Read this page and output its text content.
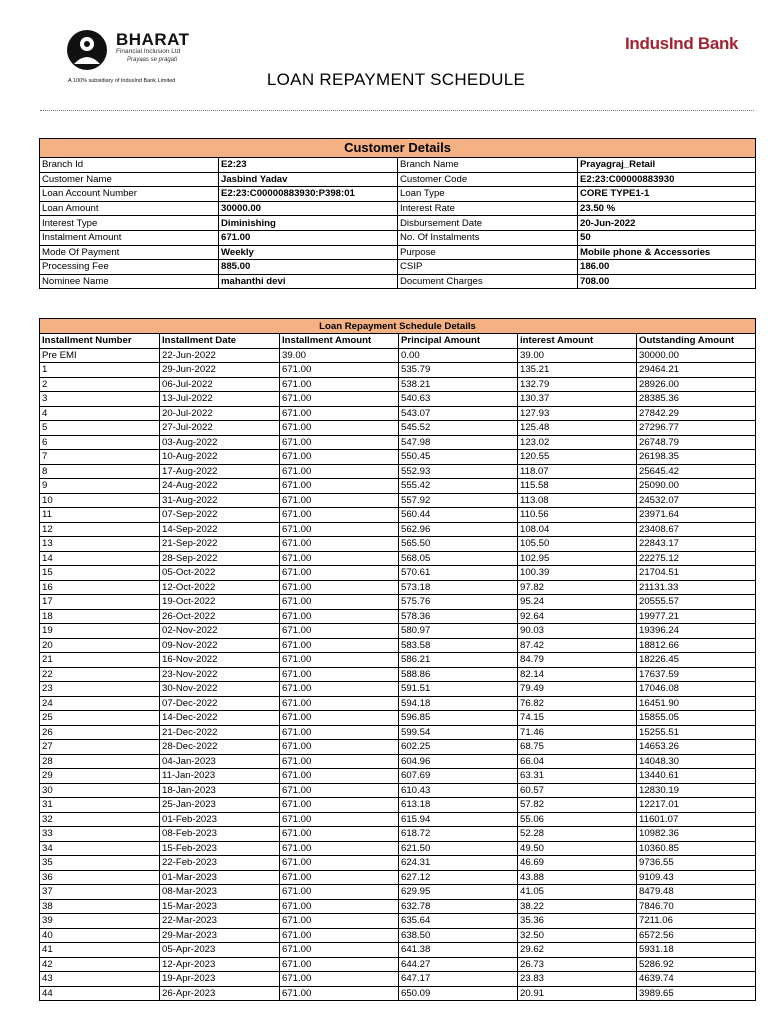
BHARAT
Financial Inclusion Ltd
Prayaas se pragati
A 100% subsidiary of IndusInd Bank Limited
IndusInd Bank
LOAN REPAYMENT SCHEDULE
Customer Details			
Branch Id	E2:23	Branch Name	Prayagraj_Retail
Customer Name	Jasbind Yadav	Customer Code	E2:23:C00000883930
Loan Account Number	E2:23:C00000883930:P398:01	Loan Type	CORE TYPE1-1
Loan Amount	30000.00	Interest Rate	23.50 %
Interest Type	Diminishing	Disbursement Date	20-Jun-2022
Instalment Amount	671.00	No. Of Instalments	50
Mode Of Payment	Weekly	Purpose	Mobile phone & Accessories
Processing Fee	885.00	CSIP	186.00
Nominee Name	mahanthi devi	Document Charges	708.00
Loan Repayment Schedule Details					
Installment Number	Installment Date	Installment Amount	Principal Amount	interest Amount	Outstanding Amount
Pre EMI	22-Jun-2022	39.00	0.00	39.00	30000.00
1	29-Jun-2022	671.00	535.79	135.21	29464.21
2	06-Jul-2022	671.00	538.21	132.79	28926.00
3	13-Jul-2022	671.00	540.63	130.37	28385.36
4	20-Jul-2022	671.00	543.07	127.93	27842.29
5	27-Jul-2022	671.00	545.52	125.48	27296.77
6	03-Aug-2022	671.00	547.98	123.02	26748.79
7	10-Aug-2022	671.00	550.45	120.55	26198.35
8	17-Aug-2022	671.00	552.93	118.07	25645.42
9	24-Aug-2022	671.00	555.42	115.58	25090.00
10	31-Aug-2022	671.00	557.92	113.08	24532.07
11	07-Sep-2022	671.00	560.44	110.56	23971.64
12	14-Sep-2022	671.00	562.96	108.04	23408.67
13	21-Sep-2022	671.00	565.50	105.50	22843.17
14	28-Sep-2022	671.00	568.05	102.95	22275.12
15	05-Oct-2022	671.00	570.61	100.39	21704.51
16	12-Oct-2022	671.00	573.18	97.82	21131.33
17	19-Oct-2022	671.00	575.76	95.24	20555.57
18	26-Oct-2022	671.00	578.36	92.64	19977.21
19	02-Nov-2022	671.00	580.97	90.03	19396.24
20	09-Nov-2022	671.00	583.58	87.42	18812.66
21	16-Nov-2022	671.00	586.21	84.79	18226.45
22	23-Nov-2022	671.00	588.86	82.14	17637.59
23	30-Nov-2022	671.00	591.51	79.49	17046.08
24	07-Dec-2022	671.00	594.18	76.82	16451.90
25	14-Dec-2022	671.00	596.85	74.15	15855.05
26	21-Dec-2022	671.00	599.54	71.46	15255.51
27	28-Dec-2022	671.00	602.25	68.75	14653.26
28	04-Jan-2023	671.00	604.96	66.04	14048.30
29	11-Jan-2023	671.00	607.69	63.31	13440.61
30	18-Jan-2023	671.00	610.43	60.57	12830.19
31	25-Jan-2023	671.00	613.18	57.82	12217.01
32	01-Feb-2023	671.00	615.94	55.06	11601.07
33	08-Feb-2023	671.00	618.72	52.28	10982.36
34	15-Feb-2023	671.00	621.50	49.50	10360.85
35	22-Feb-2023	671.00	624.31	46.69	9736.55
36	01-Mar-2023	671.00	627.12	43.88	9109.43
37	08-Mar-2023	671.00	629.95	41.05	8479.48
38	15-Mar-2023	671.00	632.78	38.22	7846.70
39	22-Mar-2023	671.00	635.64	35.36	7211.06
40	29-Mar-2023	671.00	638.50	32.50	6572.56
41	05-Apr-2023	671.00	641.38	29.62	5931.18
42	12-Apr-2023	671.00	644.27	26.73	5286.92
43	19-Apr-2023	671.00	647.17	23.83	4639.74
44	26-Apr-2023	671.00	650.09	20.91	3989.65
